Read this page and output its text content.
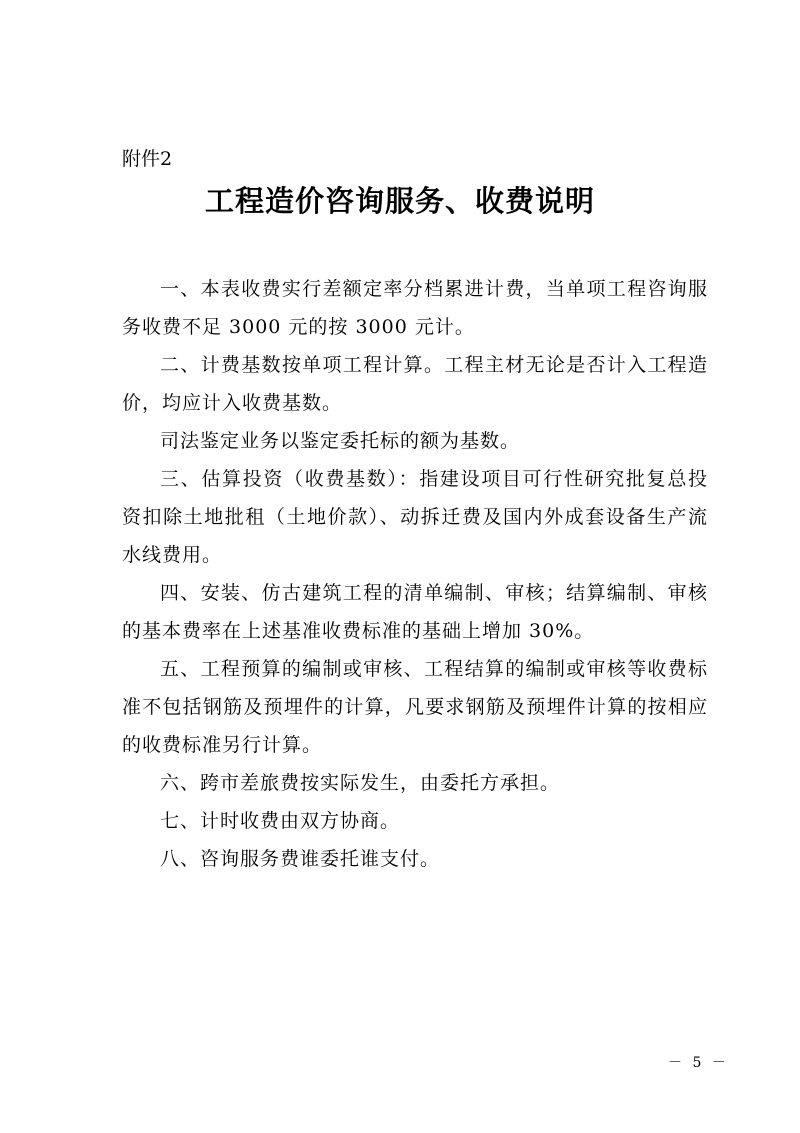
附件2
工程造价咨询服务、收费说明

一、本表收费实行差额定率分档累进计费，当单项工程咨询服务收费不足 3000 元的按 3000 元计。

二、计费基数按单项工程计算。工程主材无论是否计入工程造价，均应计入收费基数。

司法鉴定业务以鉴定委托标的额为基数。

三、估算投资（收费基数）：指建设项目可行性研究批复总投资扣除土地批租（土地价款）、动拆迁费及国内外成套设备生产流水线费用。

四、安装、仿古建筑工程的清单编制、审核；结算编制、审核的基本费率在上述基准收费标准的基础上增加 30%。

五、工程预算的编制或审核、工程结算的编制或审核等收费标准不包括钢筋及预埋件的计算，凡要求钢筋及预埋件计算的按相应的收费标准另行计算。

六、跨市差旅费按实际发生，由委托方承担。

七、计时收费由双方协商。

八、咨询服务费谁委托谁支付。

－ 5 －
